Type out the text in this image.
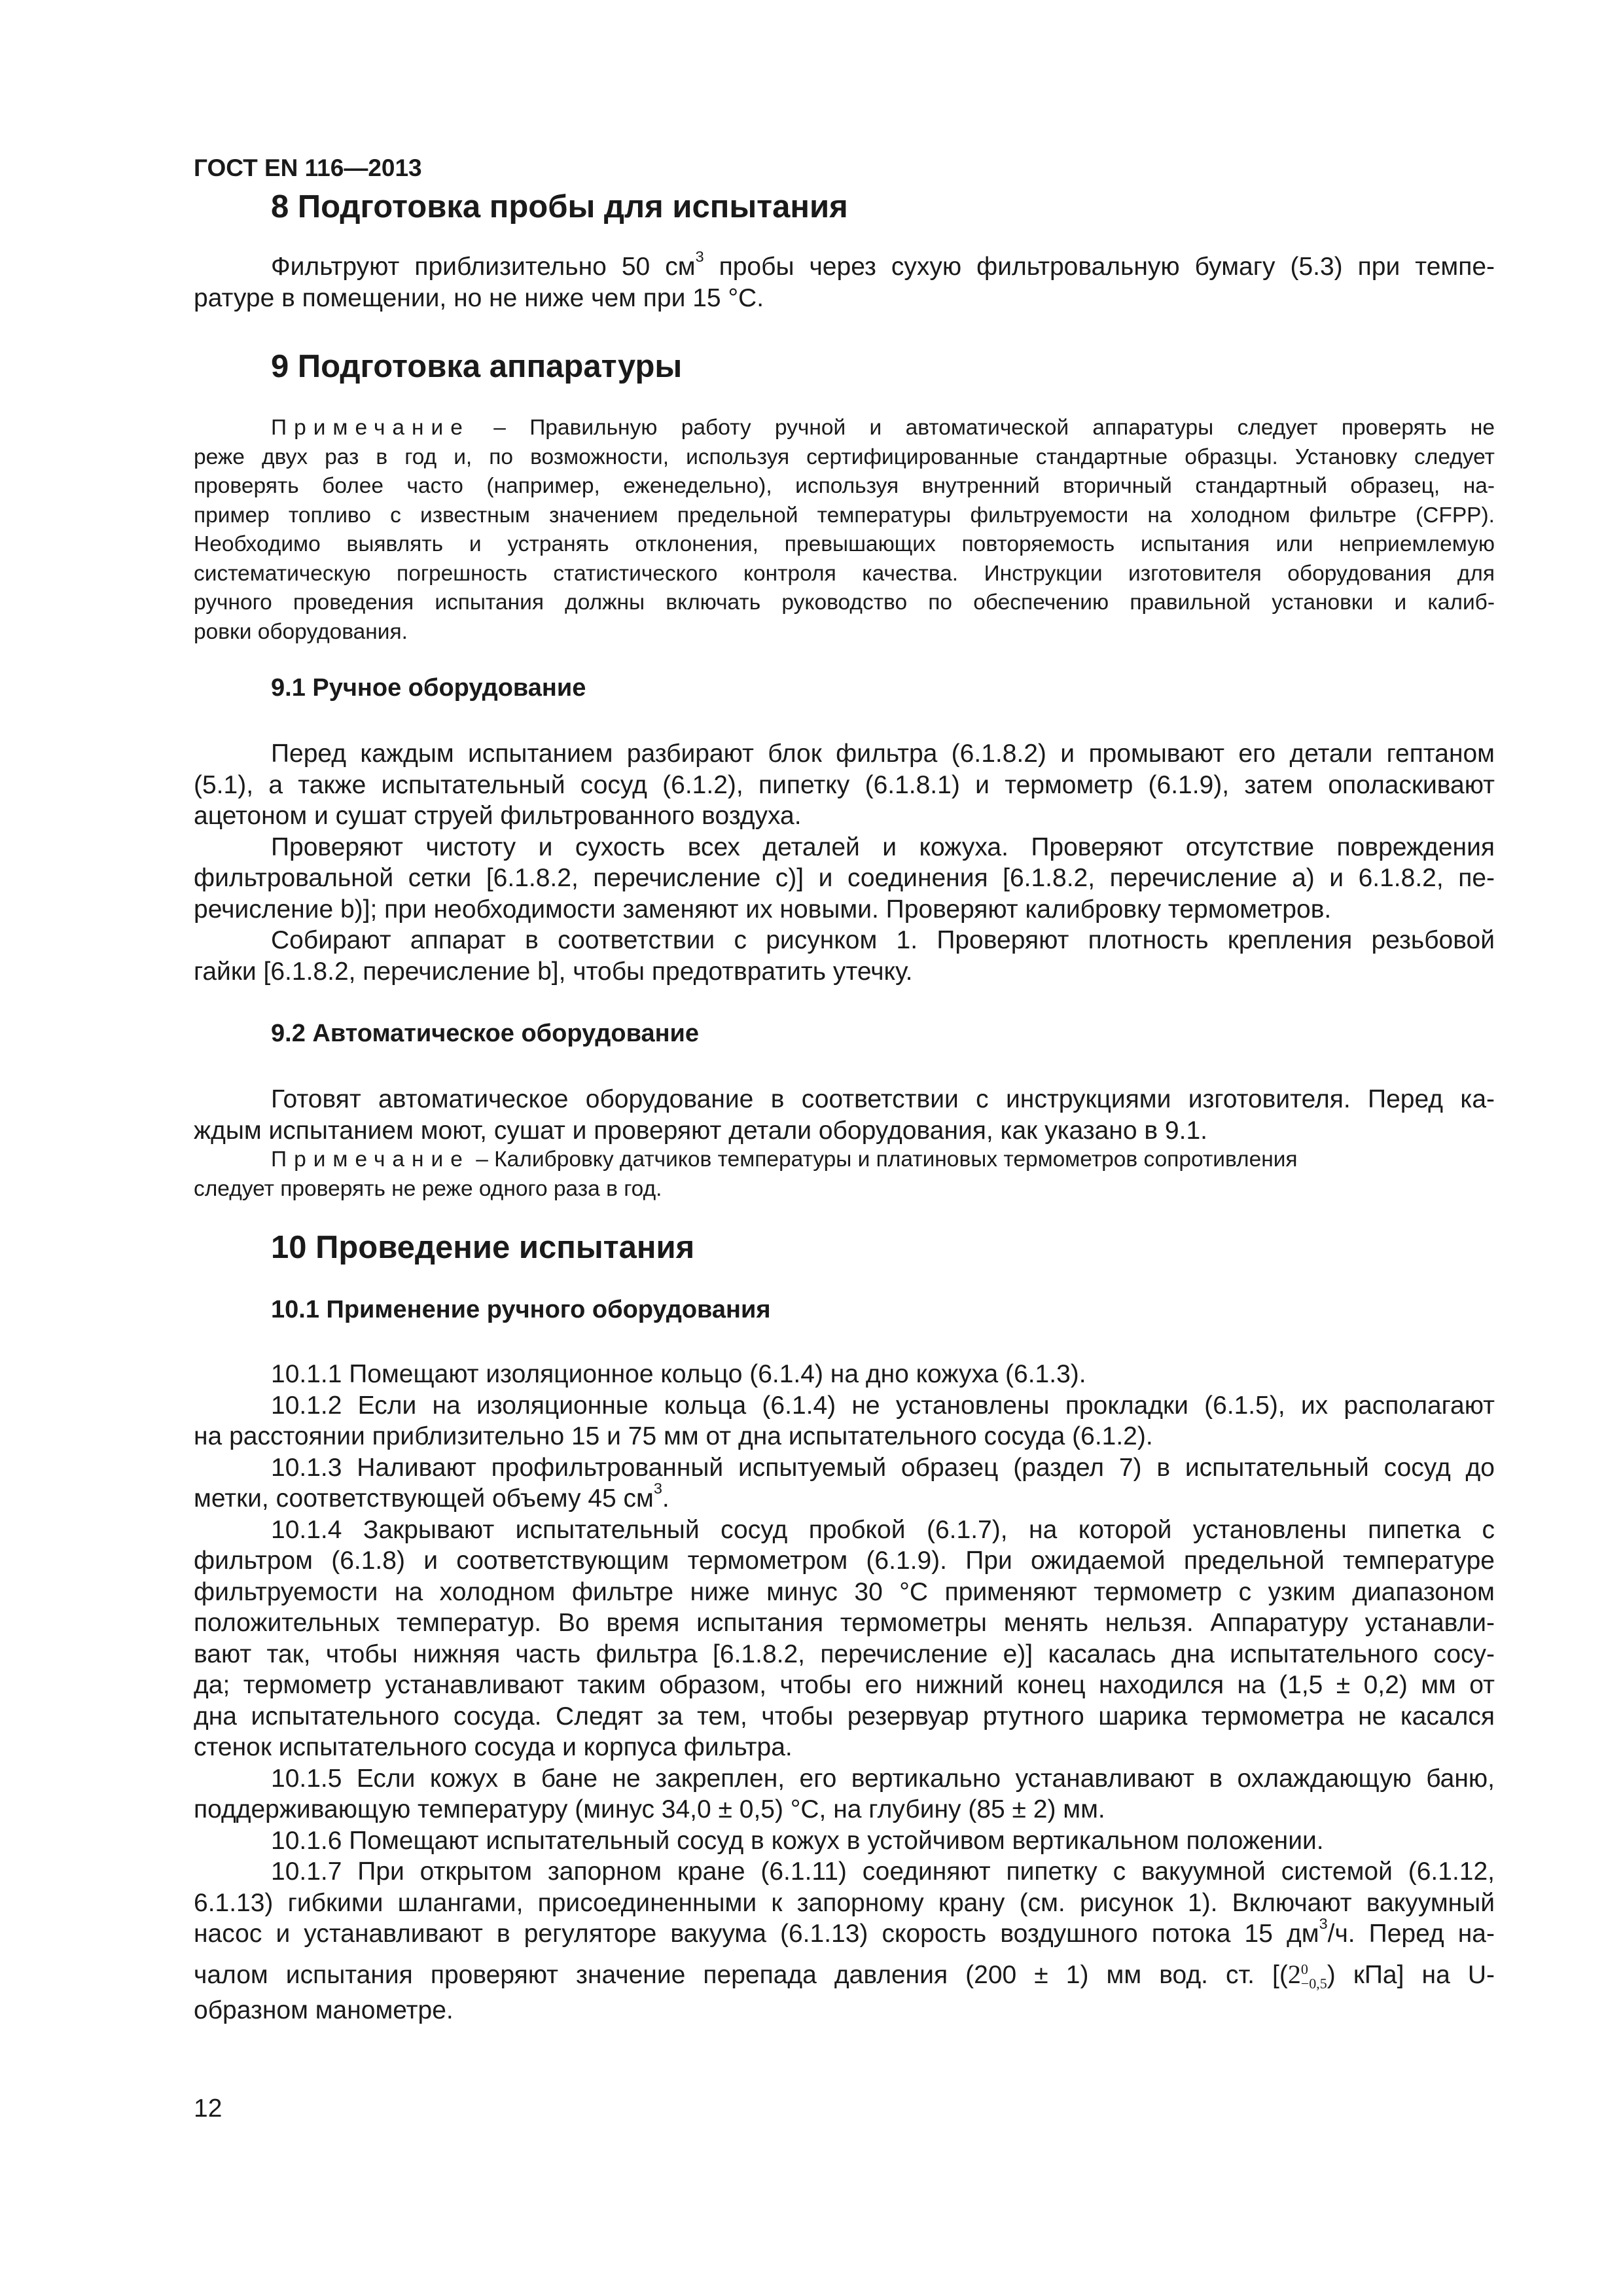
ГОСТ EN 116—2013
8 Подготовка пробы для испытания
Фильтруют приблизительно 50 $см^3$ пробы через сухую фильтровальную бумагу (5.3) при темпе-
ратуре в помещении, но не ниже чем при 15 °С.
9 Подготовка аппаратуры
Примечание – Правильную работу ручной и автоматической аппаратуры следует проверять не
реже двух раз в год и, по возможности, используя сертифицированные стандартные образцы. Установку следует
проверять более часто (например, еженедельно), используя внутренний вторичный стандартный образец, на-
пример топливо с известным значением предельной температуры фильтруемости на холодном фильтре (CFPP).
Необходимо выявлять и устранять отклонения, превышающих повторяемость испытания или неприемлемую
систематическую погрешность статистического контроля качества. Инструкции изготовителя оборудования для
ручного проведения испытания должны включать руководство по обеспечению правильной установки и калиб-
ровки оборудования.
9.1 Ручное оборудование
Перед каждым испытанием разбирают блок фильтра (6.1.8.2) и промывают его детали гептаном
(5.1), а также испытательный сосуд (6.1.2), пипетку (6.1.8.1) и термометр (6.1.9), затем ополаскивают
ацетоном и сушат струей фильтрованного воздуха.
Проверяют чистоту и сухость всех деталей и кожуха. Проверяют отсутствие повреждения
фильтровальной сетки [6.1.8.2, перечисление с)] и соединения [6.1.8.2, перечисление а) и 6.1.8.2, пе-
речисление b)]; при необходимости заменяют их новыми. Проверяют калибровку термометров.
Собирают аппарат в соответствии с рисунком 1. Проверяют плотность крепления резьбовой
гайки [6.1.8.2, перечисление b], чтобы предотвратить утечку.
9.2 Автоматическое оборудование
Готовят автоматическое оборудование в соответствии с инструкциями изготовителя. Перед ка-
ждым испытанием моют, сушат и проверяют детали оборудования, как указано в 9.1.
Примечание – Калибровку датчиков температуры и платиновых термометров сопротивления
следует проверять не реже одного раза в год.
10 Проведение испытания
10.1 Применение ручного оборудования
10.1.1 Помещают изоляционное кольцо (6.1.4) на дно кожуха (6.1.3).
10.1.2 Если на изоляционные кольца (6.1.4) не установлены прокладки (6.1.5), их располагают
на расстоянии приблизительно 15 и 75 мм от дна испытательного сосуда (6.1.2).
10.1.3 Наливают профильтрованный испытуемый образец (раздел 7) в испытательный сосуд до
метки, соответствующей объему 45 $см^3$.
10.1.4 Закрывают испытательный сосуд пробкой (6.1.7), на которой установлены пипетка с
фильтром (6.1.8) и соответствующим термометром (6.1.9). При ожидаемой предельной температуре
фильтруемости на холодном фильтре ниже минус 30 °С применяют термометр с узким диапазоном
положительных температур. Во время испытания термометры менять нельзя. Аппаратуру устанавли-
вают так, чтобы нижняя часть фильтра [6.1.8.2, перечисление е)] касалась дна испытательного сосу-
да; термометр устанавливают таким образом, чтобы его нижний конец находился на (1,5 ± 0,2) мм от
дна испытательного сосуда. Следят за тем, чтобы резервуар ртутного шарика термометра не касался
стенок испытательного сосуда и корпуса фильтра.
10.1.5 Если кожух в бане не закреплен, его вертикально устанавливают в охлаждающую баню,
поддерживающую температуру (минус 34,0 ± 0,5) °С, на глубину (85 ± 2) мм.
10.1.6 Помещают испытательный сосуд в кожух в устойчивом вертикальном положении.
10.1.7 При открытом запорном кране (6.1.11) соединяют пипетку с вакуумной системой (6.1.12,
6.1.13) гибкими шлангами, присоединенными к запорному крану (см. рисунок 1). Включают вакуумный
насос и устанавливают в регуляторе вакуума (6.1.13) скорость воздушного потока 15 $дм^3/ч$. Перед на-
чалом испытания проверяют значение перепада давления (200 ± 1) мм вод. ст. [(2 0
−0,5 ) кПа] на U-
образном манометре.
12
